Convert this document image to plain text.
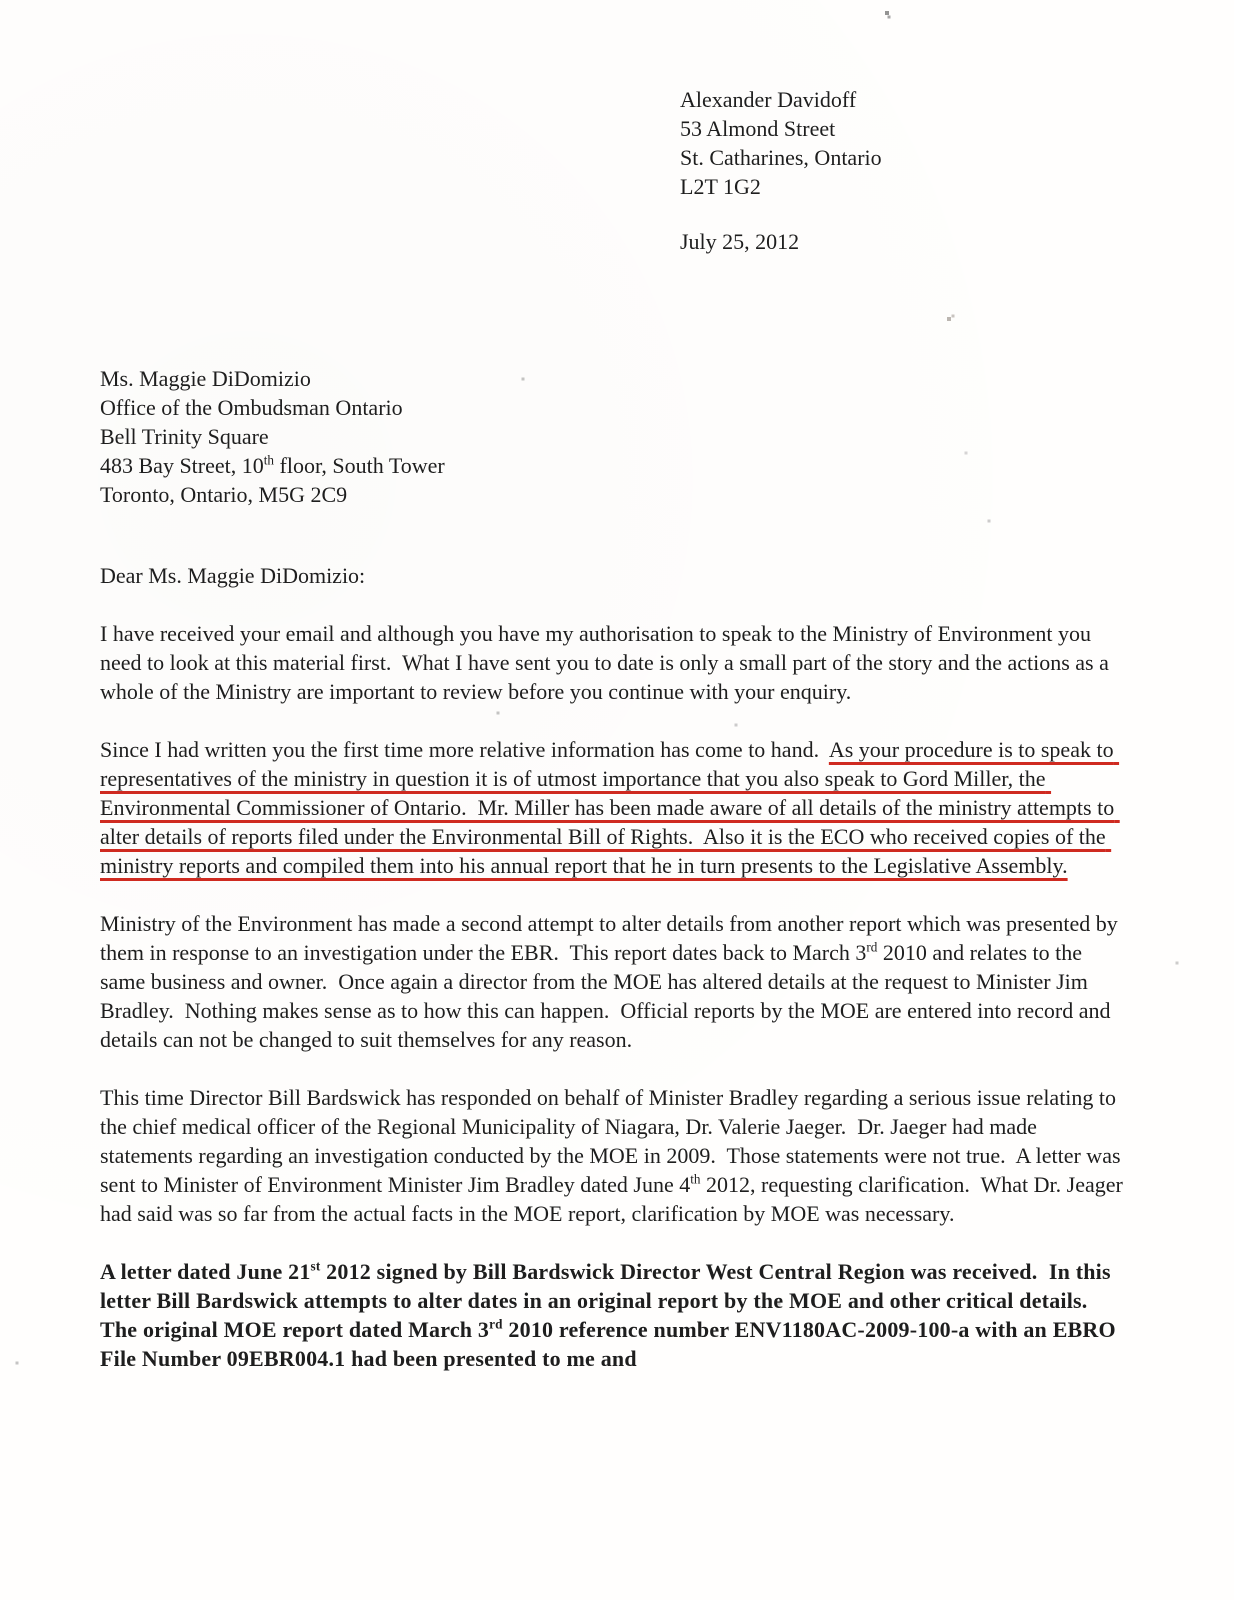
Alexander Davidoff
53 Almond Street
St. Catharines, Ontario
L2T 1G2
July 25, 2012
Ms. Maggie DiDomizio
Office of the Ombudsman Ontario
Bell Trinity Square
483 Bay Street, 10th floor, South Tower
Toronto, Ontario, M5G 2C9
Dear Ms. Maggie DiDomizio:

I have received your email and although you have my authorisation to speak to the Ministry of Environment you need to look at this material first.  What I have sent you to date is only a small part of the story and the actions as a whole of the Ministry are important to review before you continue with your enquiry.

Since I had written you the first time more relative information has come to hand.  As your procedure is to speak to representatives of the ministry in question it is of utmost importance that you also speak to Gord Miller, the Environmental Commissioner of Ontario.  Mr. Miller has been made aware of all details of the ministry attempts to alter details of reports filed under the Environmental Bill of Rights.  Also it is the ECO who received copies of the ministry reports and compiled them into his annual report that he in turn presents to the Legislative Assembly.

Ministry of the Environment has made a second attempt to alter details from another report which was presented by them in response to an investigation under the EBR.  This report dates back to March 3rd 2010 and relates to the same business and owner.  Once again a director from the MOE has altered details at the request to Minister Jim Bradley.  Nothing makes sense as to how this can happen.  Official reports by the MOE are entered into record and details can not be changed to suit themselves for any reason.

This time Director Bill Bardswick has responded on behalf of Minister Bradley regarding a serious issue relating to the chief medical officer of the Regional Municipality of Niagara, Dr. Valerie Jaeger.  Dr. Jaeger had made statements regarding an investigation conducted by the MOE in 2009.  Those statements were not true.  A letter was sent to Minister of Environment Minister Jim Bradley dated June 4th 2012, requesting clarification.  What Dr. Jeager had said was so far from the actual facts in the MOE report, clarification by MOE was necessary.

A letter dated June 21st 2012 signed by Bill Bardswick Director West Central Region was received.  In this letter Bill Bardswick attempts to alter dates in an original report by the MOE and other critical details.  The original MOE report dated March 3rd 2010 reference number ENV1180AC-2009-100-a with an EBRO File Number 09EBR004.1 had been presented to me and
